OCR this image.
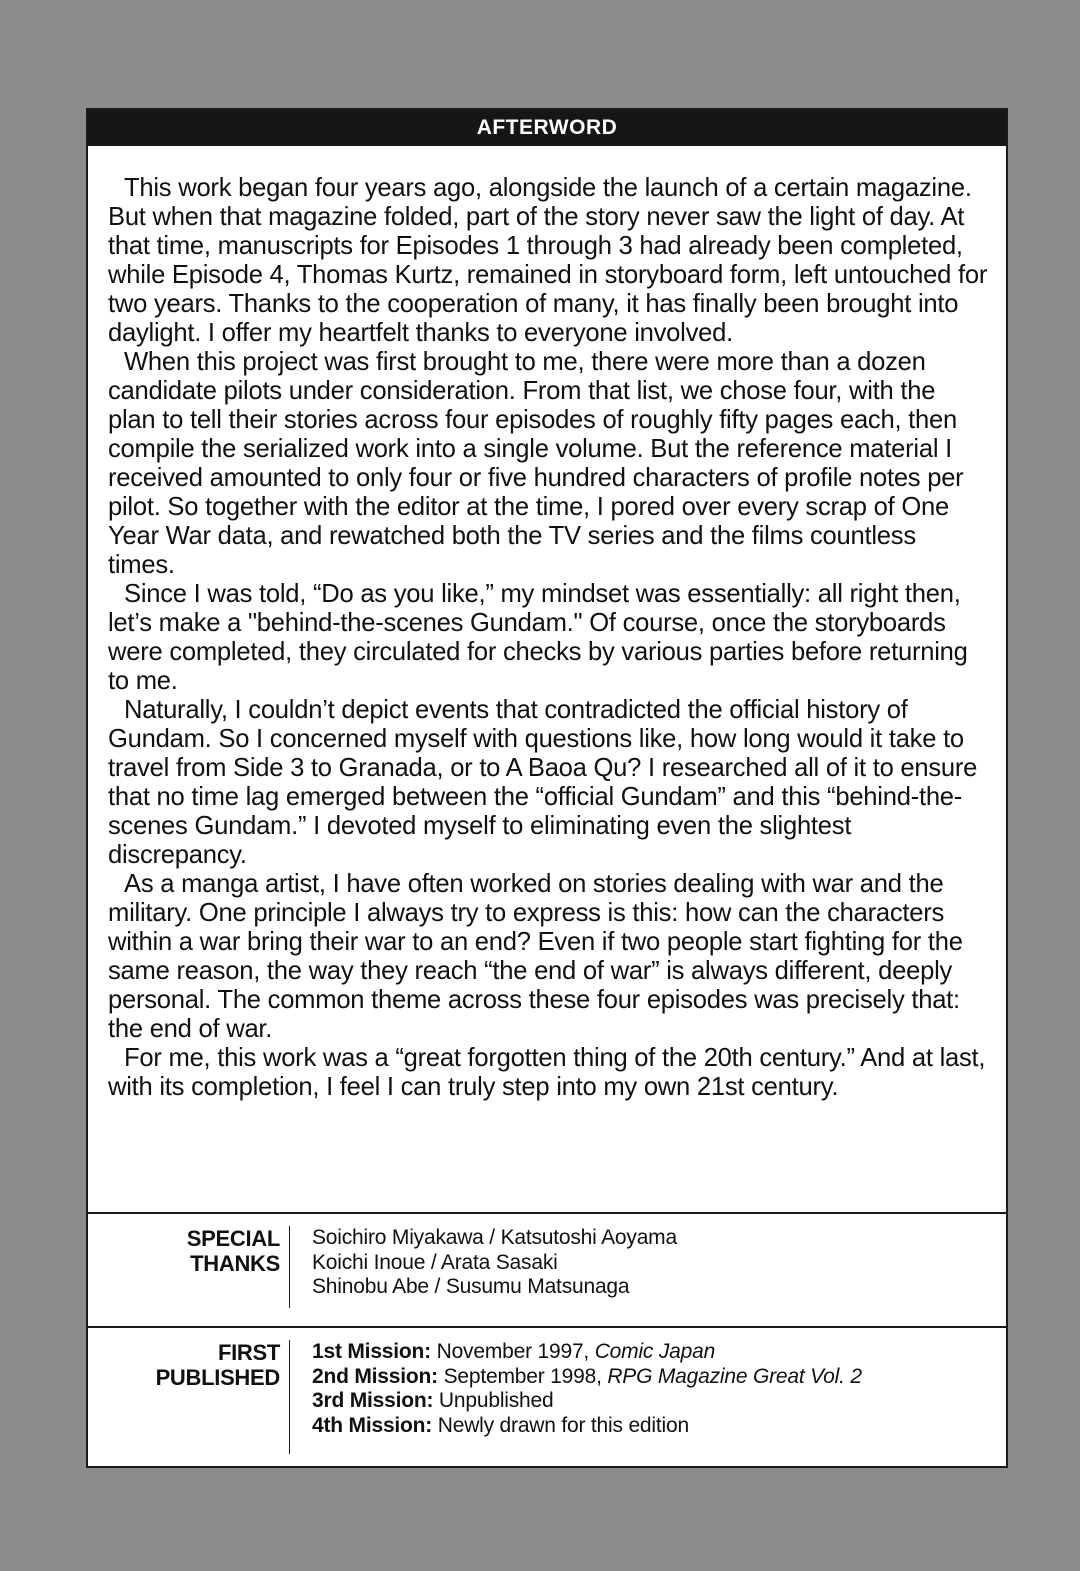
AFTERWORD

This work began four years ago, alongside the launch of a certain magazine. But when that magazine folded, part of the story never saw the light of day. At that time, manuscripts for Episodes 1 through 3 had already been completed, while Episode 4, Thomas Kurtz, remained in storyboard form, left untouched for two years. Thanks to the cooperation of many, it has finally been brought into daylight. I offer my heartfelt thanks to everyone involved.

When this project was first brought to me, there were more than a dozen candidate pilots under consideration. From that list, we chose four, with the plan to tell their stories across four episodes of roughly fifty pages each, then compile the serialized work into a single volume. But the reference material I received amounted to only four or five hundred characters of profile notes per pilot. So together with the editor at the time, I pored over every scrap of One Year War data, and rewatched both the TV series and the films countless times.

Since I was told, “Do as you like,” my mindset was essentially: all right then, let’s make a "behind-the-scenes Gundam." Of course, once the storyboards were completed, they circulated for checks by various parties before returning to me.

Naturally, I couldn’t depict events that contradicted the official history of Gundam. So I concerned myself with questions like, how long would it take to travel from Side 3 to Granada, or to A Baoa Qu? I researched all of it to ensure that no time lag emerged between the “official Gundam” and this “behind-the-scenes Gundam.” I devoted myself to eliminating even the slightest discrepancy.

As a manga artist, I have often worked on stories dealing with war and the military. One principle I always try to express is this: how can the characters within a war bring their war to an end? Even if two people start fighting for the same reason, the way they reach “the end of war” is always different, deeply personal. The common theme across these four episodes was precisely that: the end of war.

For me, this work was a “great forgotten thing of the 20th century.” And at last, with its completion, I feel I can truly step into my own 21st century.

SPECIAL
THANKS
Soichiro Miyakawa / Katsutoshi Aoyama
Koichi Inoue / Arata Sasaki
Shinobu Abe / Susumu Matsunaga
FIRST
PUBLISHED
1st Mission: November 1997, Comic Japan
2nd Mission: September 1998, RPG Magazine Great Vol. 2
3rd Mission: Unpublished
4th Mission: Newly drawn for this edition
